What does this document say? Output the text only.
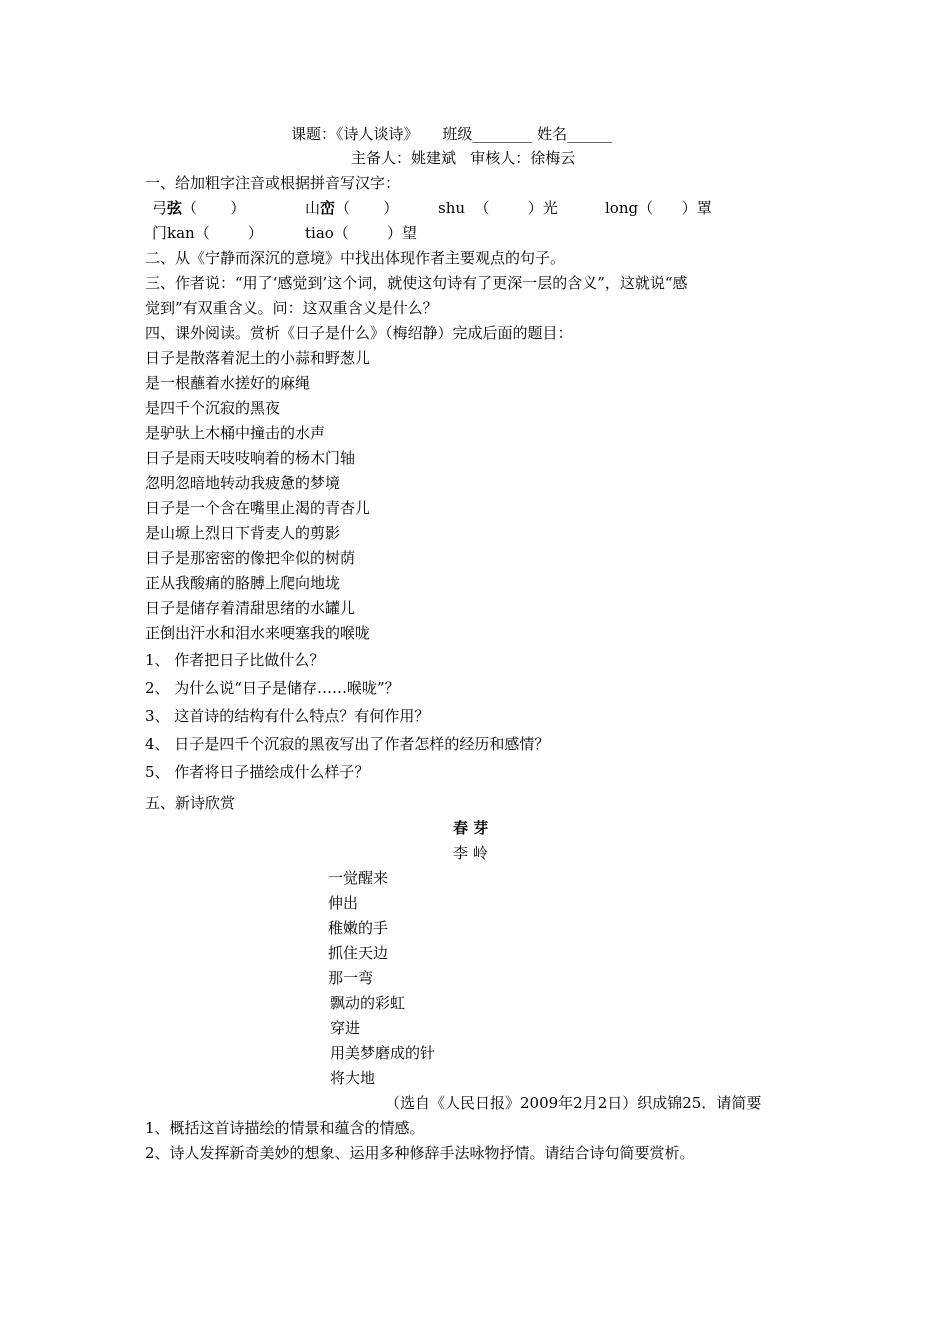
课题：《诗人谈诗》     班级________ 姓名______
主备人：姚建斌   审核人：徐梅云
一、给加粗字注音或根据拼音写汉字：
弓弦（       ）	山峦（       ）	shu  （        ）光	long（      ）罩
门kan（        ）	tiao（        ）望
二、从《宁静而深沉的意境》中找出体现作者主要观点的句子。
三、作者说：“用了‘感觉到’这个词，就使这句诗有了更深一层的含义”，这就说“感
觉到”有双重含义。问：这双重含义是什么？
四、课外阅读。赏析《日子是什么》（梅绍静）完成后面的题目：
日子是散落着泥土的小蒜和野葱儿
是一根蘸着水搓好的麻绳
是四千个沉寂的黑夜
是驴驮上木桶中撞击的水声
日子是雨天吱吱响着的杨木门轴
忽明忽暗地转动我疲惫的梦境
日子是一个含在嘴里止渴的青杏儿
是山塬上烈日下背麦人的剪影
日子是那密密的像把伞似的树荫
正从我酸痛的胳膊上爬向地垅
日子是储存着清甜思绪的水罐儿
正倒出汗水和泪水来哽塞我的喉咙
1、 作者把日子比做什么？
2、 为什么说“日子是储存……喉咙”？
3、 这首诗的结构有什么特点？有何作用？
4、 日子是四千个沉寂的黑夜写出了作者怎样的经历和感情？
5、 作者将日子描绘成什么样子？
五、新诗欣赏
春 芽
李 岭
一觉醒来
伸出
稚嫩的手
抓住天边
那一弯
飘动的彩虹
穿进
用美梦磨成的针
将大地
（选自《人民日报》2009年2月2日）织成锦25．请简要
1、概括这首诗描绘的情景和蕴含的情感。
2、诗人发挥新奇美妙的想象、运用多种修辞手法咏物抒情。请结合诗句简要赏析。
